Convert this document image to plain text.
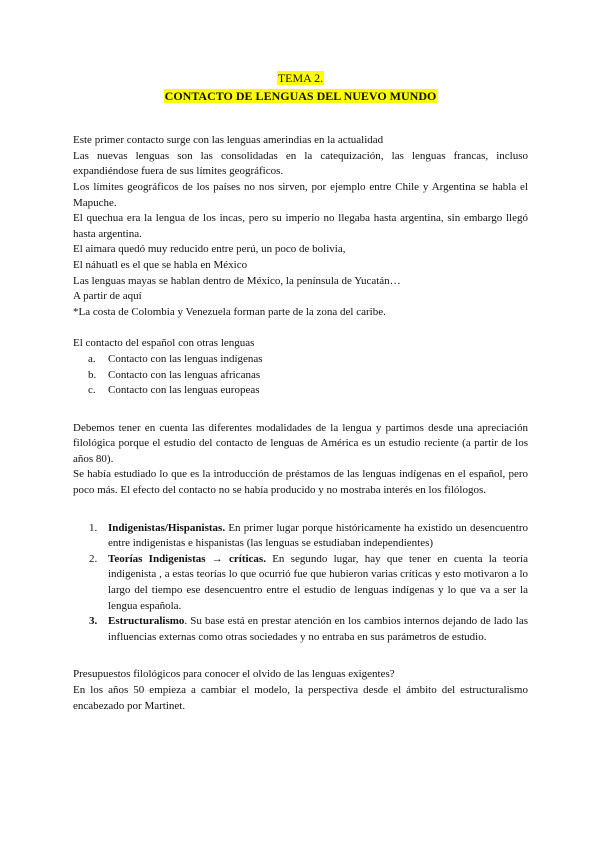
TEMA 2.
CONTACTO DE LENGUAS DEL NUEVO MUNDO

Este primer contacto surge con las lenguas amerindias en la actualidad

Las nuevas lenguas son las consolidadas en la catequización, las lenguas francas, incluso expandiéndose fuera de sus límites geográficos.

Los límites geográficos de los países no nos sirven, por ejemplo entre Chile y Argentina se habla el Mapuche.

El quechua era la lengua de los incas, pero su imperio no llegaba hasta argentina, sin embargo llegó hasta argentina.

El aimara quedó muy reducido entre perú, un poco de bolivia,

El náhuatl es el que se habla en México

Las lenguas mayas se hablan dentro de México, la península de Yucatán…

A partir de aquí

*La costa de Colombia y Venezuela forman parte de la zona del caribe.

El contacto del español con otras lenguas

a. Contacto con las lenguas indígenas
b. Contacto con las lenguas africanas
c. Contacto con las lenguas europeas

Debemos tener en cuenta las diferentes modalidades de la lengua y partimos desde una apreciación filológica porque el estudio del contacto de lenguas de América es un estudio reciente (a partir de los años 80).

Se había estudiado lo que es la introducción de préstamos de las lenguas indígenas en el español, pero poco más. El efecto del contacto no se había producido y no mostraba interés en los filólogos.

1. Indigenistas/Hispanistas. En primer lugar porque históricamente ha existido un desencuentro entre indigenistas e hispanistas (las lenguas se estudiaban independientes)
2. Teorías Indigenistas → críticas. En segundo lugar, hay que tener en cuenta la teoría indigenista , a estas teorías lo que ocurrió fue que hubieron varias críticas y esto motivaron a lo largo del tiempo ese desencuentro entre el estudio de lenguas indígenas y lo que va a ser la lengua española.
3. Estructuralismo. Su base está en prestar atención en los cambios internos dejando de lado las influencias externas como otras sociedades y no entraba en sus parámetros de estudio.

Presupuestos filológicos para conocer el olvido de las lenguas exigentes?

En los años 50 empieza a cambiar el modelo, la perspectiva desde el ámbito del estructuralismo encabezado por Martinet.
